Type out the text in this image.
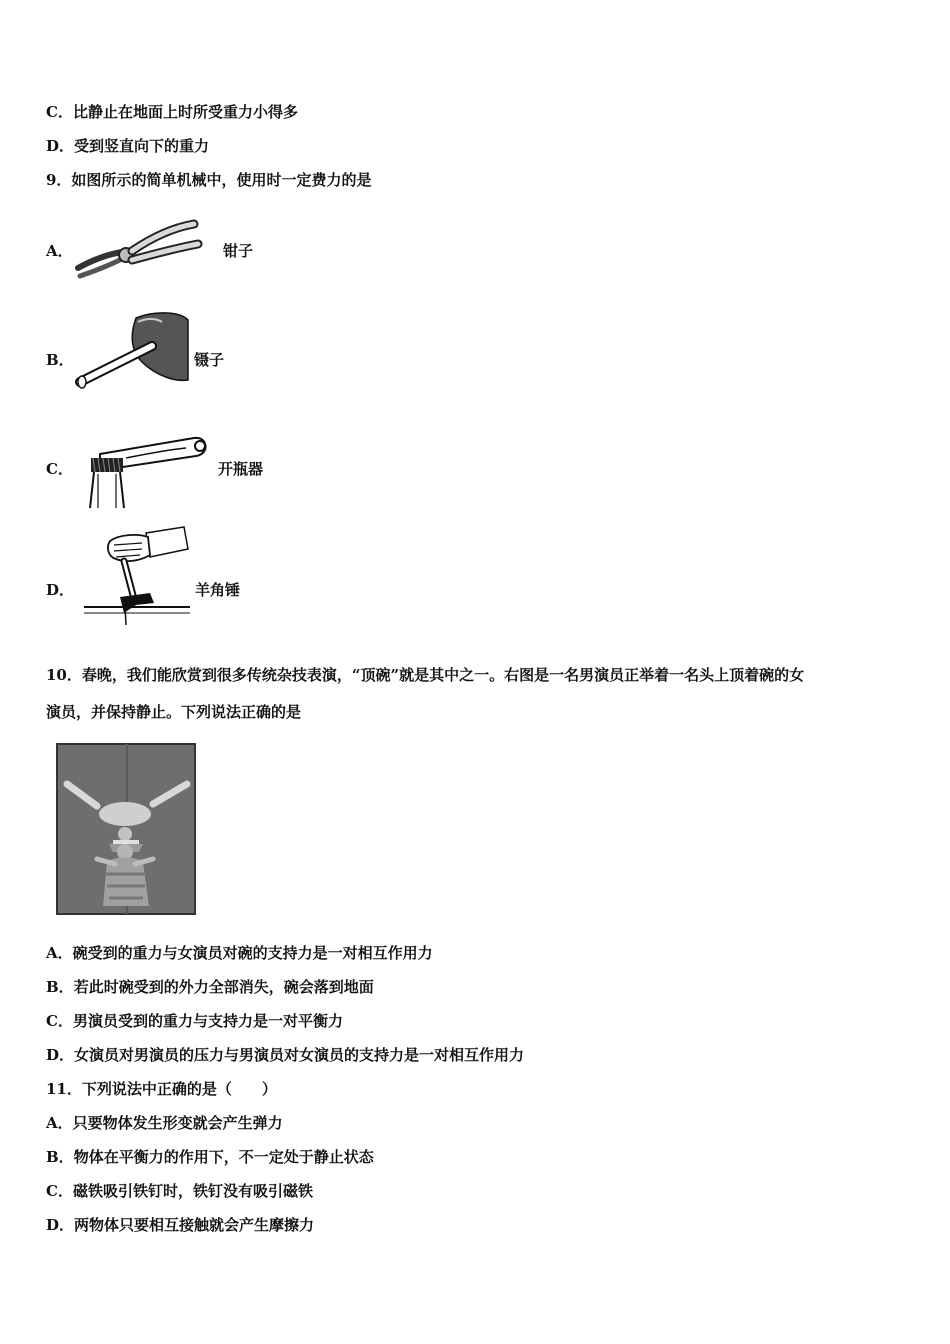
C．比静止在地面上时所受重力小得多
D．受到竖直向下的重力
9．如图所示的简单机械中，使用时一定费力的是
A．	钳子
B．	镊子
C．	开瓶器
D．	羊角锤
10．春晚，我们能欣赏到很多传统杂技表演，“顶碗”就是其中之一。右图是一名男演员正举着一名头上顶着碗的女
演员，并保持静止。下列说法正确的是
A．碗受到的重力与女演员对碗的支持力是一对相互作用力
B．若此时碗受到的外力全部消失，碗会落到地面
C．男演员受到的重力与支持力是一对平衡力
D．女演员对男演员的压力与男演员对女演员的支持力是一对相互作用力
11．下列说法中正确的是（　　）
A．只要物体发生形变就会产生弹力
B．物体在平衡力的作用下，不一定处于静止状态
C．磁铁吸引铁钉时，铁钉没有吸引磁铁
D．两物体只要相互接触就会产生摩擦力
